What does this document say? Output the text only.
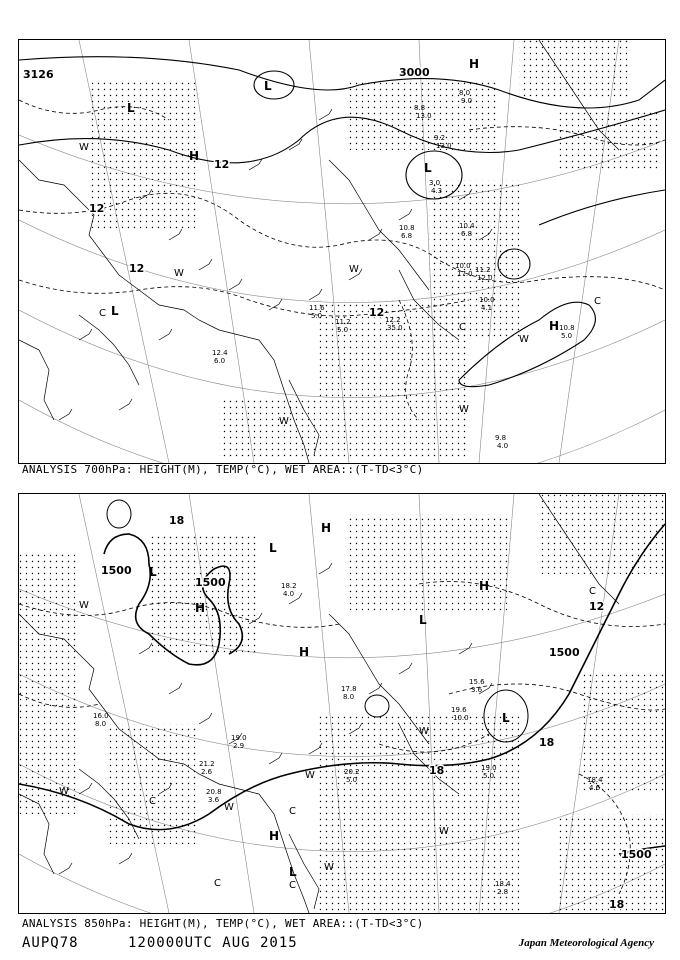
3126	3000
12
12
12
12
L
L
L
L
H
H
H
W
W
W
W
W
W
C
C
C
10.0
4.1
10.8
5.0
9.8
4.0
12.4
6.0
11.6
5.0
11.2
5.0
12.2
35.0
10.0
17.0 11.2
12.0
8.8
13.0
8.0
9.0
3.0
4.3
10.4
6.8
9.2
13.0
10.8
6.8
ANALYSIS 700hPa: HEIGHT(M), TEMP(°C), WET AREA::(T-TD<3°C)
1500
1500
1500
1500
12
18
18
18
18
L
L
L
L
L
H
H
H
H
H
W
W
W
W
W
W
W
C
C
C	C
C
19.0
5.0	18.4
4.6
18.4
2.8
19.6
10.0
20.2
5.0
20.8
3.6
18.2
4.0
16.0
8.0
15.6
3.6
19.0
2.9
17.8
8.0
21.2
2.6
ANALYSIS 850hPa: HEIGHT(M), TEMP(°C), WET AREA::(T-TD<3°C)
AUPQ78	120000UTC AUG 2015	Japan Meteorological Agency
